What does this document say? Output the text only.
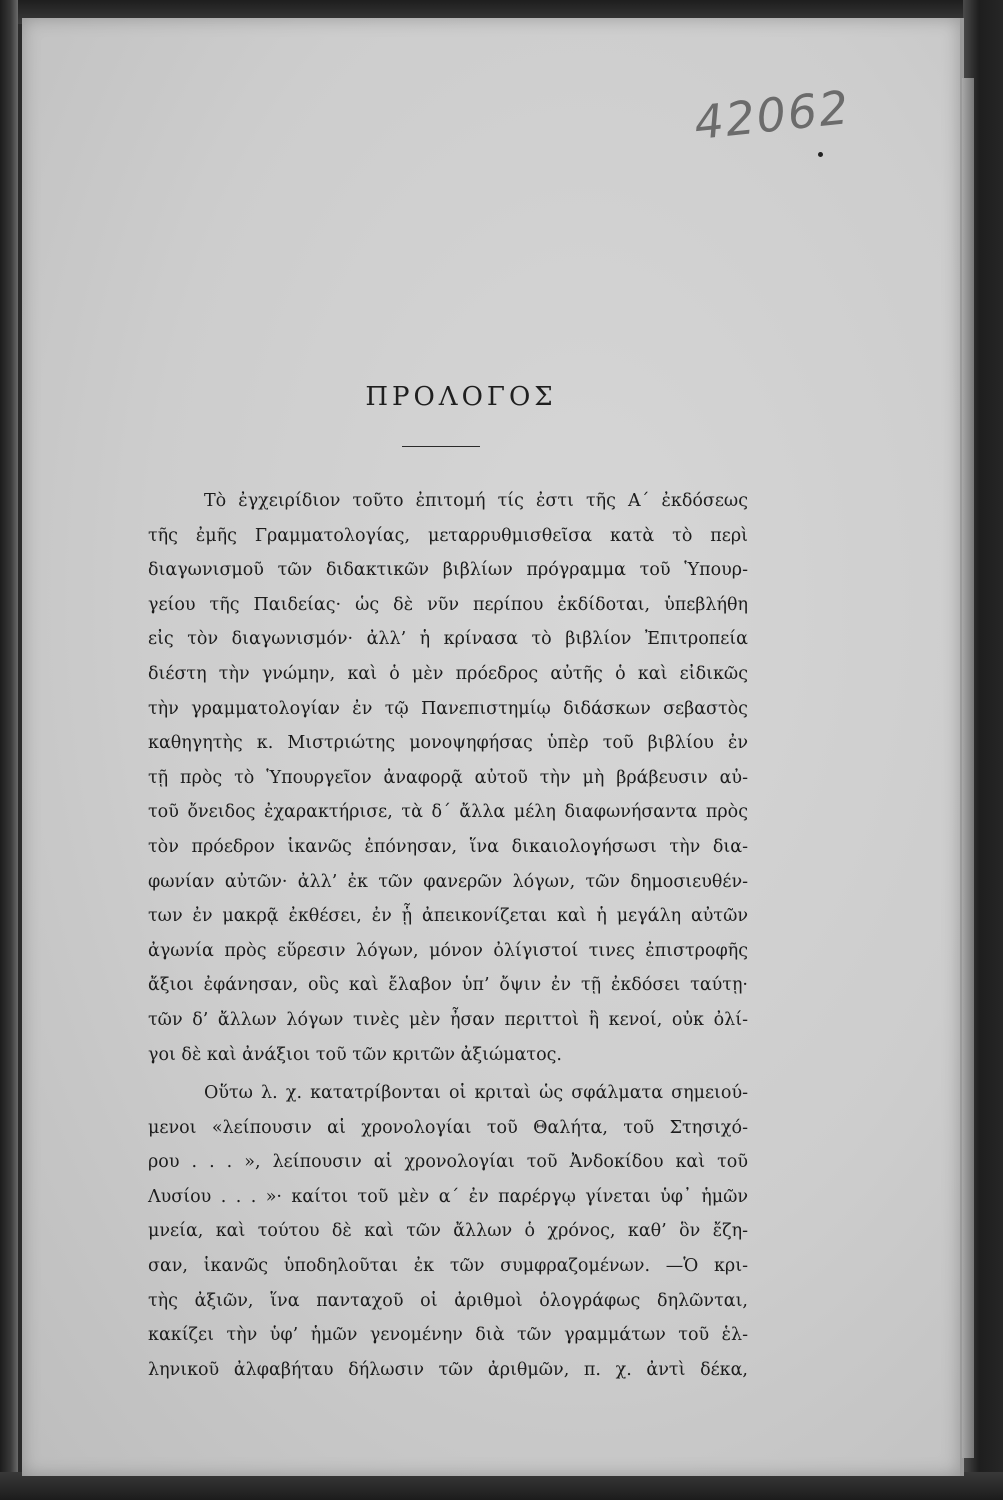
42062
ΠΡΟΛΟΓΟΣ
Τὸ ἐγχειρίδιον τοῦτο ἐπιτομή τίς ἐστι τῆς Α΄ ἐκδόσεως
τῆς ἐμῆς Γραμματολογίας, μεταρρυθμισθεῖσα κατὰ τὸ περὶ
διαγωνισμοῦ τῶν διδακτικῶν βιβλίων πρόγραμμα τοῦ Ὑπουρ-
γείου τῆς Παιδείας· ὡς δὲ νῦν περίπου ἐκδίδοται, ὑπεβλήθη
εἰς τὸν διαγωνισμόν· ἀλλ’ ἡ κρίνασα τὸ βιβλίον Ἐπιτροπεία
διέστη τὴν γνώμην, καὶ ὁ μὲν πρόεδρος αὐτῆς ὁ καὶ εἰδικῶς
τὴν γραμματολογίαν ἐν τῷ Πανεπιστημίῳ διδάσκων σεβαστὸς
καθηγητὴς κ. Μιστριώτης μονοψηφήσας ὑπὲρ τοῦ βιβλίου ἐν
τῇ πρὸς τὸ Ὑπουργεῖον ἀναφορᾷ αὐτοῦ τὴν μὴ βράβευσιν αὐ-
τοῦ ὄνειδος ἐχαρακτήρισε, τὰ δ΄ ἄλλα μέλη διαφωνήσαντα πρὸς
τὸν πρόεδρον ἱκανῶς ἐπόνησαν, ἵνα δικαιολογήσωσι τὴν δια-
φωνίαν αὐτῶν· ἀλλ’ ἐκ τῶν φανερῶν λόγων, τῶν δημοσιευθέν-
των ἐν μακρᾷ ἐκθέσει, ἐν ᾗ ἀπεικονίζεται καὶ ἡ μεγάλη αὐτῶν
ἀγωνία πρὸς εὕρεσιν λόγων, μόνον ὀλίγιστοί τινες ἐπιστροφῆς
ἄξιοι ἐφάνησαν, οὓς καὶ ἔλαβον ὑπ’ ὄψιν ἐν τῇ ἐκδόσει ταύτῃ·
τῶν δ’ ἄλλων λόγων τινὲς μὲν ἦσαν περιττοὶ ἢ κενοί, οὐκ ὀλί-
γοι δὲ καὶ ἀνάξιοι τοῦ τῶν κριτῶν ἀξιώματος.
Οὕτω λ. χ. κατατρίβονται οἱ κριταὶ ὡς σφάλματα σημειού-
μενοι «λείπουσιν αἱ χρονολογίαι τοῦ Θαλήτα, τοῦ Στησιχό-
ρου . . . », λείπουσιν αἱ χρονολογίαι τοῦ Ἀνδοκίδου καὶ τοῦ
Λυσίου . . . »· καίτοι τοῦ μὲν α΄ ἐν παρέργῳ γίνεται ὑφ᾿ ἡμῶν
μνεία, καὶ τούτου δὲ καὶ τῶν ἄλλων ὁ χρόνος, καθ’ ὃν ἔζη-
σαν, ἱκανῶς ὑποδηλοῦται ἐκ τῶν συμφραζομένων. —Ὁ κρι-
τὴς ἀξιῶν, ἵνα πανταχοῦ οἱ ἀριθμοὶ ὁλογράφως δηλῶνται,
κακίζει τὴν ὑφ’ ἡμῶν γενομένην διὰ τῶν γραμμάτων τοῦ ἑλ-
ληνικοῦ ἀλφαβήταυ δήλωσιν τῶν ἀριθμῶν, π. χ. ἀντὶ δέκα,
